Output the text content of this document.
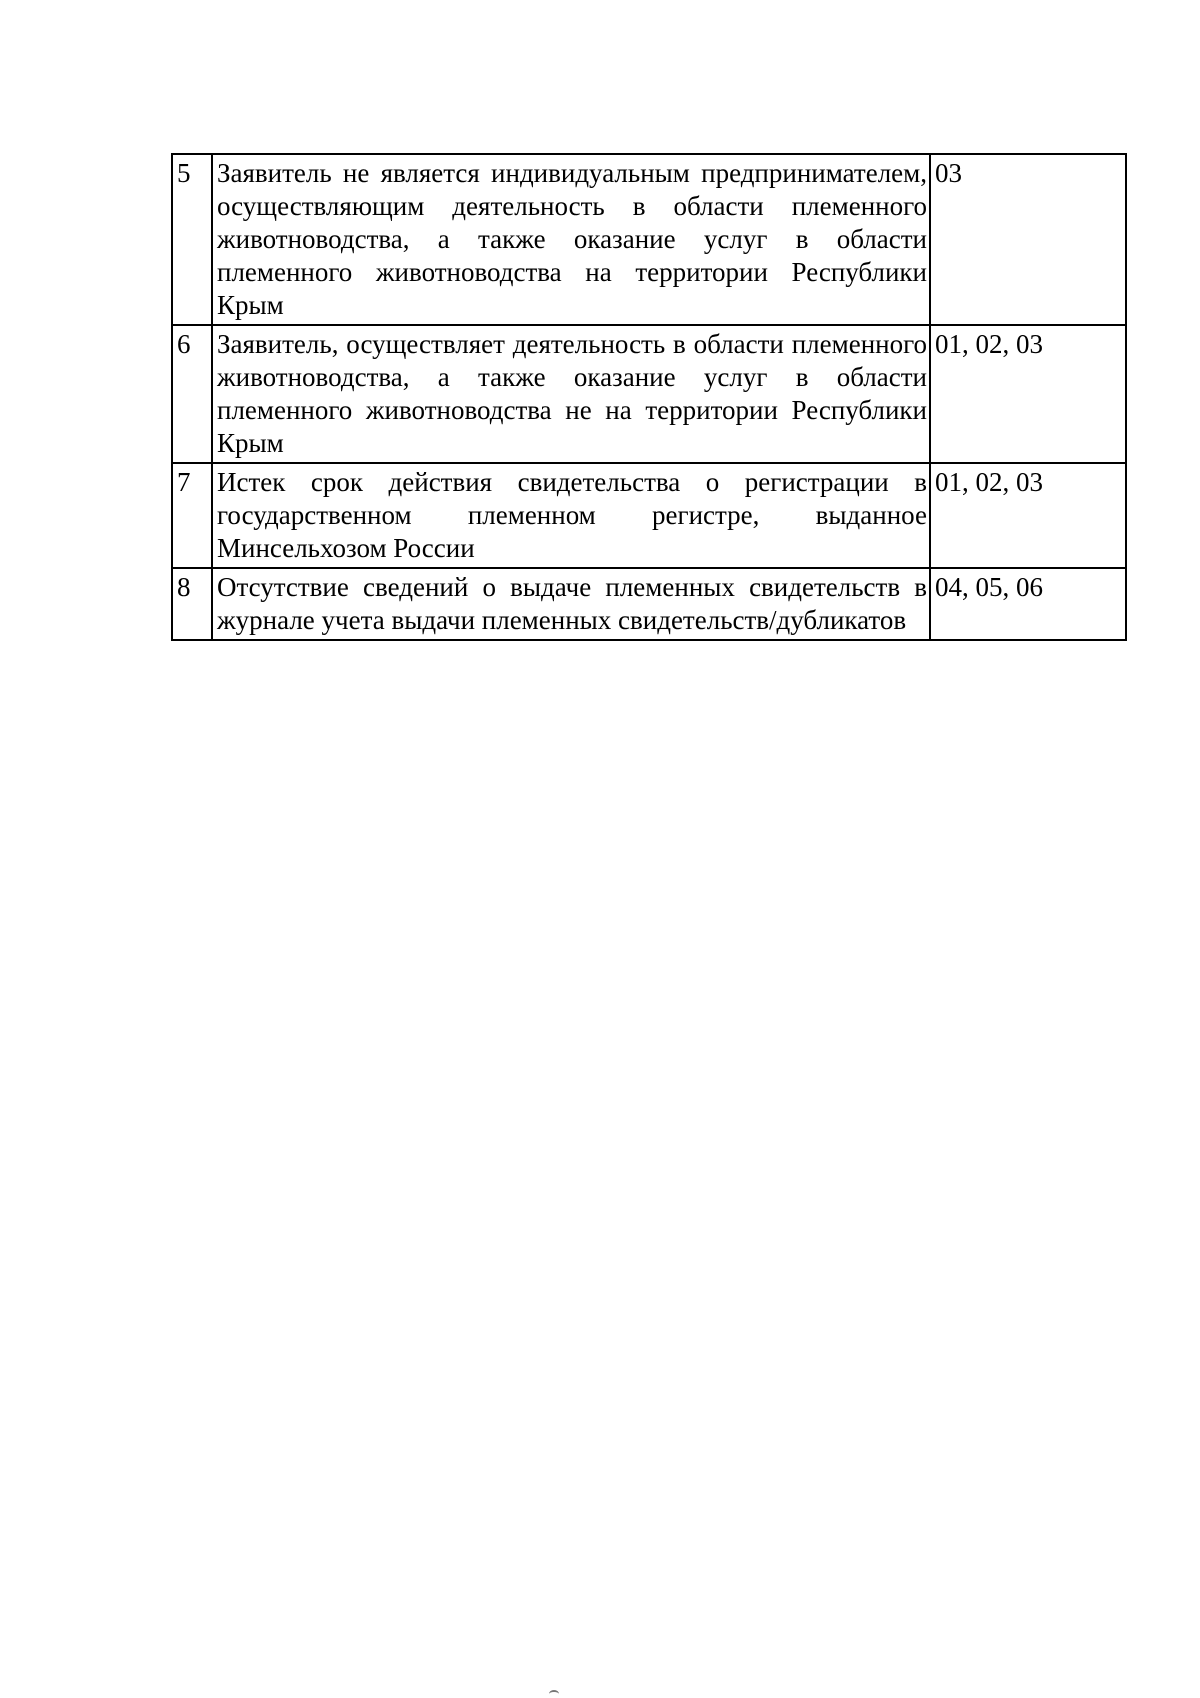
5	Заявитель не является индивидуальным предпринимателем, осуществляющим деятельность в области племенного животноводства, а также оказание услуг в области племенного животноводства на территории Республики Крым	03
6	Заявитель, осуществляет деятельность в области племенного животноводства, а также оказание услуг в области племенного животноводства не на территории Республики Крым	01, 02, 03
7	Истек срок действия свидетельства о регистрации в государственном племенном регистре, выданное Минсельхозом России	01, 02, 03
8	Отсутствие сведений о выдаче племенных свидетельств в журнале учета выдачи племенных свидетельств/дубликатов	04, 05, 06
